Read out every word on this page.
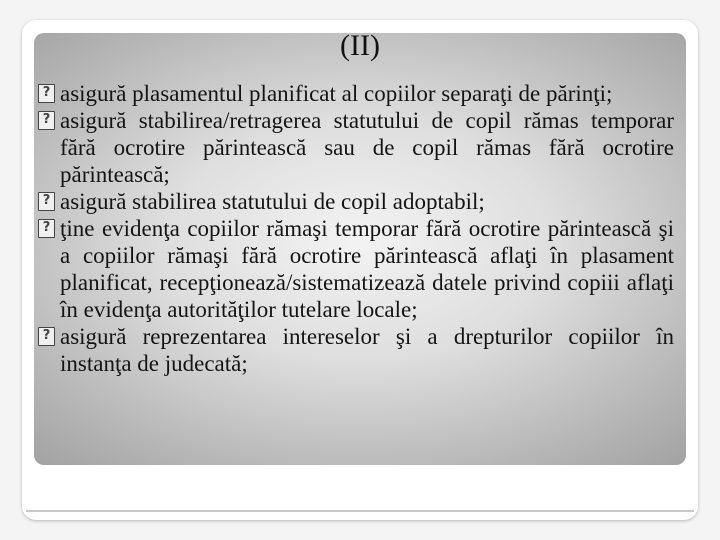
(II)
? asigură plasamentul planificat al copiilor separaţi de părinţi;
? asigură stabilirea/retragerea statutului de copil rămas temporar fără ocrotire părintească sau de copil rămas fără ocrotire părintească;
? asigură stabilirea statutului de copil adoptabil;
? ţine evidenţa copiilor rămaşi temporar fără ocrotire părintească şi a copiilor rămaşi fără ocrotire părintească aflaţi în plasament planificat, recepţionează/sistematizează datele privind copiii aflaţi în evidenţa autorităţilor tutelare locale;
? asigură reprezentarea intereselor şi a drepturilor copiilor în instanţa de judecată;
